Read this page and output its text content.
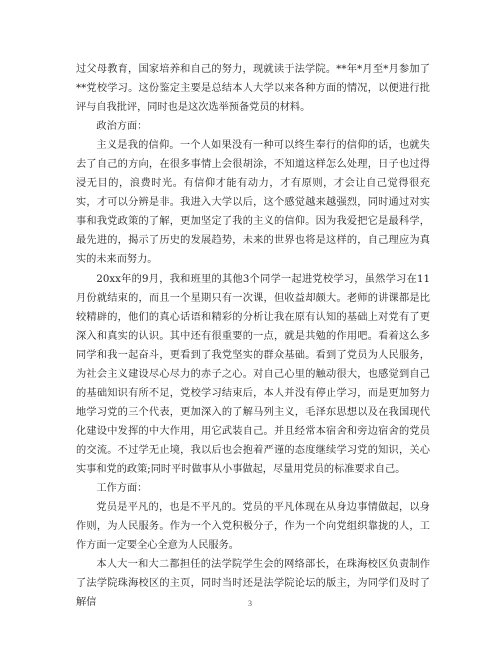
过父母教育，国家培养和自己的努力，现就读于法学院。**年*月至*月参加了**党校学习。这份鉴定主要是总结本人大学以来各种方面的情况，以便进行批评与自我批评，同时也是这次选举预备党员的材料。

政治方面：

主义是我的信仰。一个人如果没有一种可以终生奉行的信仰的话，也就失去了自己的方向，在很多事情上会很胡涂，不知道这样怎么处理，日子也过得浸无目的，浪费时光。有信仰才能有动力，才有原则，才会让自己觉得很充实，才可以分辨是非。我进入大学以后，这个感觉越来越强烈，同时通过对实事和我党政策的了解，更加坚定了我的主义的信仰。因为我爱把它是最科学，最先进的，揭示了历史的发展趋势，未来的世界也将是这样的，自己理应为真实的未来而努力。

20xx年的9月，我和班里的其他3个同学一起进党校学习，虽然学习在11月份就结束的，而且一个星期只有一次课，但收益却颇大。老师的讲课都是比较精辟的，他们的真心话语和精彩的分析让我在原有认知的基础上对党有了更深入和真实的认识。其中还有很重要的一点，就是共勉的作用吧。看着这么多同学和我一起奋斗，更看到了我党坚实的群众基础。看到了党员为人民服务，为社会主义建设尽心尽力的赤子之心。对自己心里的触动很大，也感觉到自己的基础知识有所不足，党校学习结束后，本人并没有停止学习，而是更加努力地学习党的三个代表，更加深入的了解马列主义，毛泽东思想以及在我国现代化建设中发挥的中大作用，用它武装自己。并且经常本宿舍和旁边宿舍的党员的交流。不过学无止境，我以后也会抱着严谨的态度继续学习党的知识，关心实事和党的政策;同时平时做事从小事做起，尽量用党员的标准要求自己。

工作方面：

党员是平凡的，也是不平凡的。党员的平凡体现在从身边事情做起，以身作则，为人民服务。作为一个入党积极分子，作为一个向党组织靠拢的人，工作方面一定要全心全意为人民服务。

本人大一和大二都担任的法学院学生会的网络部长，在珠海校区负责制作了法学院珠海校区的主页，同时当时还是法学院论坛的版主，为同学们及时了解信	3
